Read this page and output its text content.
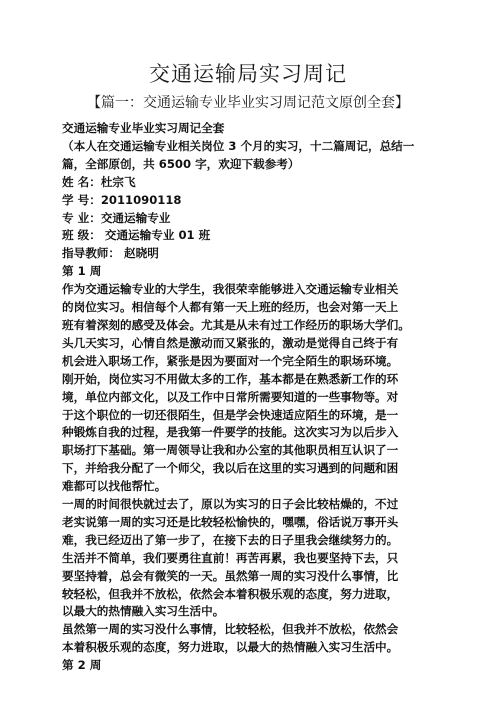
交通运输局实习周记
【篇一：交通运输专业毕业实习周记范文原创全套】
交通运输专业毕业实习周记全套
（本人在交通运输专业相关岗位 3 个月的实习，十二篇周记，总结一
篇，全部原创，共 6500 字，欢迎下载参考）
姓 名：杜宗飞
学 号：2011090118
专 业：交通运输专业
班 级： 交通运输专业 01 班
指导教师： 赵晓明
第 1 周
作为交通运输专业的大学生，我很荣幸能够进入交通运输专业相关
的岗位实习。相信每个人都有第一天上班的经历，也会对第一天上
班有着深刻的感受及体会。尤其是从未有过工作经历的职场大学们。
头几天实习，心情自然是激动而又紧张的，激动是觉得自己终于有
机会进入职场工作，紧张是因为要面对一个完全陌生的职场环境。
刚开始，岗位实习不用做太多的工作，基本都是在熟悉新工作的环
境，单位内部文化，以及工作中日常所需要知道的一些事物等。对
于这个职位的一切还很陌生，但是学会快速适应陌生的环境，是一
种锻炼自我的过程，是我第一件要学的技能。这次实习为以后步入
职场打下基础。第一周领导让我和办公室的其他职员相互认识了一
下，并给我分配了一个师父，我以后在这里的实习遇到的问题和困
难都可以找他帮忙。
一周的时间很快就过去了，原以为实习的日子会比较枯燥的，不过
老实说第一周的实习还是比较轻松愉快的，嘿嘿，俗话说万事开头
难，我已经迈出了第一步了，在接下去的日子里我会继续努力的。
生活并不简单，我们要勇往直前！再苦再累，我也要坚持下去，只
要坚持着，总会有微笑的一天。虽然第一周的实习没什么事情，比
较轻松，但我并不放松，依然会本着积极乐观的态度，努力进取，
以最大的热情融入实习生活中。
虽然第一周的实习没什么事情，比较轻松，但我并不放松，依然会
本着积极乐观的态度，努力进取，以最大的热情融入实习生活中。
第 2 周
